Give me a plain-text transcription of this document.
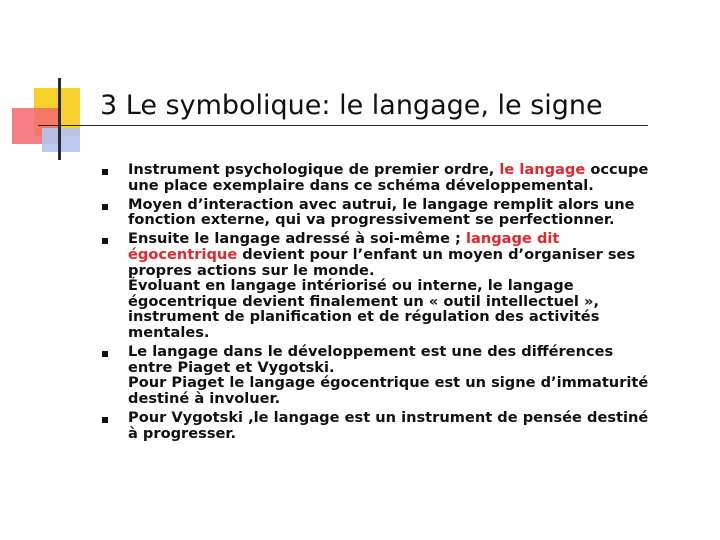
3 Le symbolique: le langage, le signe
Instrument psychologique de premier ordre, le langage occupe
une place exemplaire dans ce schéma développemental.
Moyen d’interaction avec autrui, le langage remplit alors une
fonction externe, qui va progressivement se perfectionner.
Ensuite le langage adressé à soi-même ; langage dit
égocentrique devient pour l’enfant un moyen d’organiser ses
propres actions sur le monde.
Évoluant en langage intériorisé ou interne, le langage
égocentrique devient finalement un « outil intellectuel »,
instrument de planification et de régulation des activités
mentales.
Le langage dans le développement est une des différences
entre Piaget et Vygotski.
Pour Piaget le langage égocentrique est un signe d’immaturité
destiné à involuer.
Pour Vygotski ,le langage est un instrument de pensée destiné
à progresser.
